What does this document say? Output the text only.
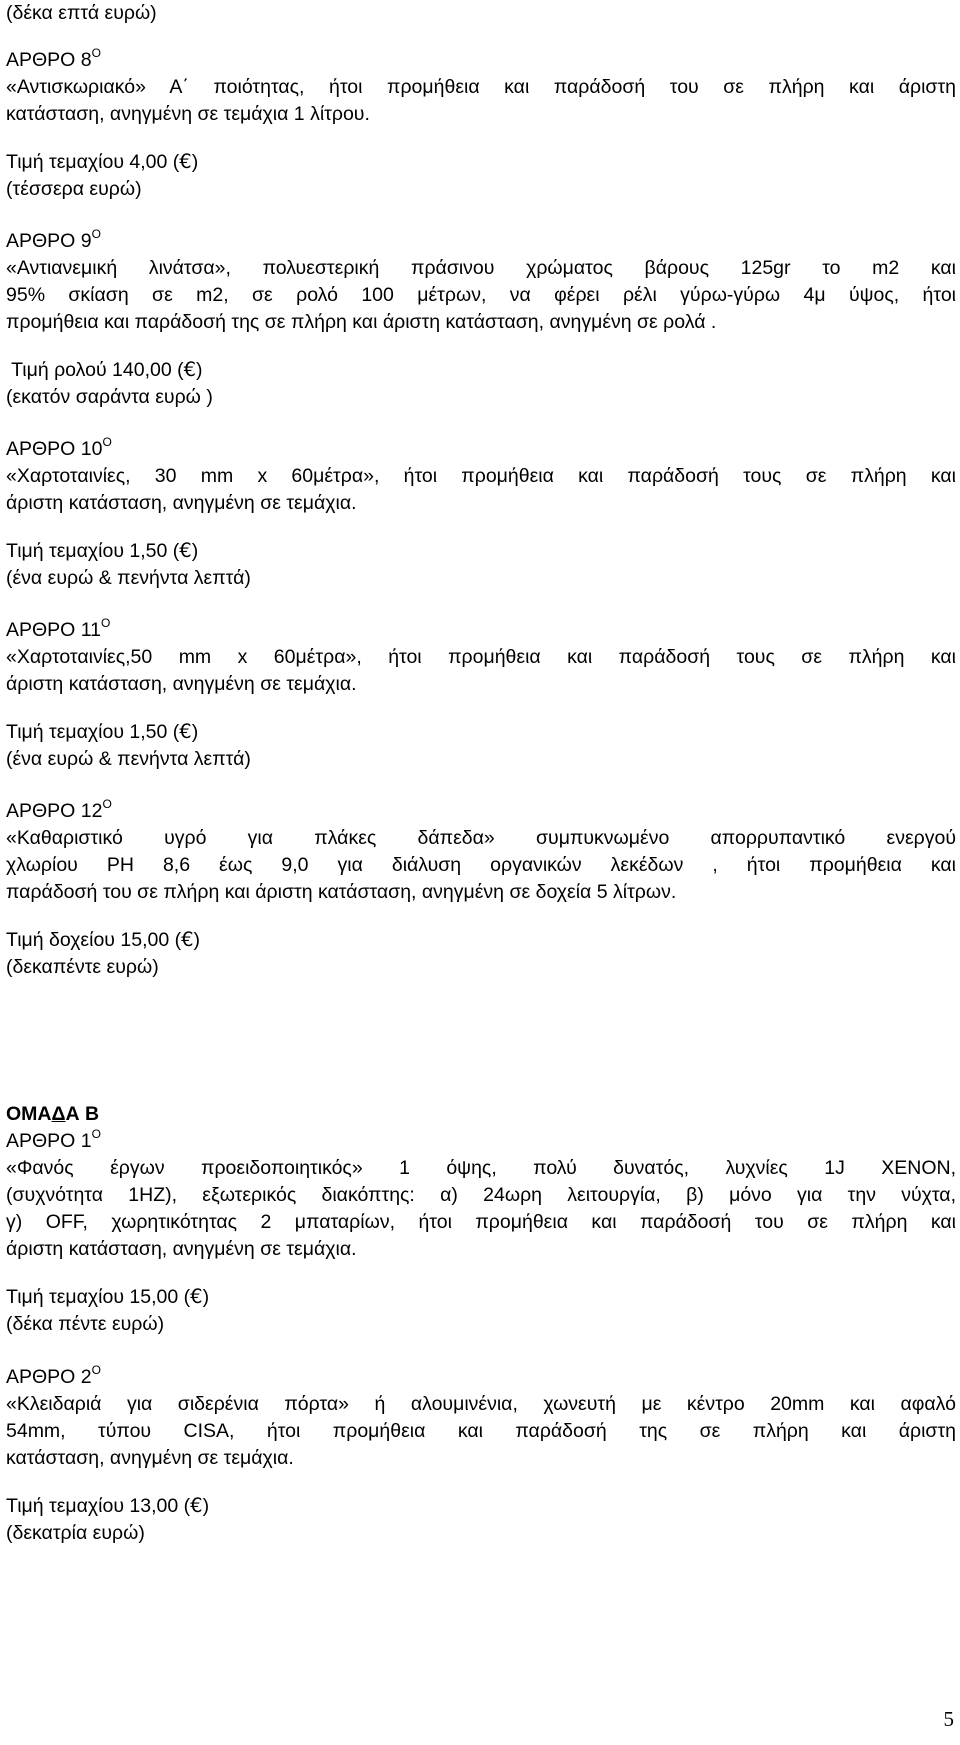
(δέκα επτά ευρώ)
ΑΡΘΡΟ $8^O$
«Αντισκωριακό» Α΄ ποιότητας, ήτοι προμήθεια και παράδοσή του σε πλήρη και άριστη
κατάσταση, ανηγμένη σε τεμάχια 1 λίτρου.
Τιμή τεμαχίου 4,00 (€)
(τέσσερα ευρώ)
ΑΡΘΡΟ $9^O$
«Αντιανεμική λινάτσα», πολυεστερική πράσινου χρώματος βάρους 125gr το m2 και
95% σκίαση σε m2, σε ρολό 100 μέτρων, να φέρει ρέλι γύρω-γύρω 4μ ύψος, ήτοι
προμήθεια και παράδοσή της σε πλήρη και άριστη κατάσταση, ανηγμένη σε ρολά .
Τιμή ρολού 140,00 (€)
(εκατόν σαράντα ευρώ )
ΑΡΘΡΟ $10^O$
«Χαρτοταινίες, 30 mm x 60μέτρα», ήτοι προμήθεια και παράδοσή τους σε πλήρη και
άριστη κατάσταση, ανηγμένη σε τεμάχια.
Τιμή τεμαχίου 1,50 (€)
(ένα ευρώ & πενήντα λεπτά)
ΑΡΘΡΟ $11^O$
«Χαρτοταινίες,50 mm x 60μέτρα», ήτοι προμήθεια και παράδοσή τους σε πλήρη και
άριστη κατάσταση, ανηγμένη σε τεμάχια.
Τιμή τεμαχίου 1,50 (€)
(ένα ευρώ & πενήντα λεπτά)
ΑΡΘΡΟ $12^O$
«Καθαριστικό υγρό για πλάκες δάπεδα» συμπυκνωμένο απορρυπαντικό ενεργού
χλωρίου PH 8,6 έως 9,0 για διάλυση οργανικών λεκέδων , ήτοι προμήθεια και
παράδοσή του σε πλήρη και άριστη κατάσταση, ανηγμένη σε δοχεία 5 λίτρων.
Τιμή δοχείου 15,00 (€)
(δεκαπέντε ευρώ)
ΟΜΑΔΑ Β
ΑΡΘΡΟ $1^O$
«Φανός έργων προειδοποιητικός» 1 όψης, πολύ δυνατός, λυχνίες 1J XENON,
(συχνότητα 1HZ), εξωτερικός διακόπτης: α) 24ωρη λειτουργία, β) μόνο για την νύχτα,
γ) OFF, χωρητικότητας 2 μπαταρίων, ήτοι προμήθεια και παράδοσή του σε πλήρη και
άριστη κατάσταση, ανηγμένη σε τεμάχια.
Τιμή τεμαχίου 15,00 (€)
(δέκα πέντε ευρώ)
ΑΡΘΡΟ $2^O$
«Κλειδαριά για σιδερένια πόρτα» ή αλουμινένια, χωνευτή με κέντρο 20mm και αφαλό
54mm, τύπου CISA, ήτοι προμήθεια και παράδοσή της σε πλήρη και άριστη
κατάσταση, ανηγμένη σε τεμάχια.
Τιμή τεμαχίου 13,00 (€)
(δεκατρία ευρώ)
5
